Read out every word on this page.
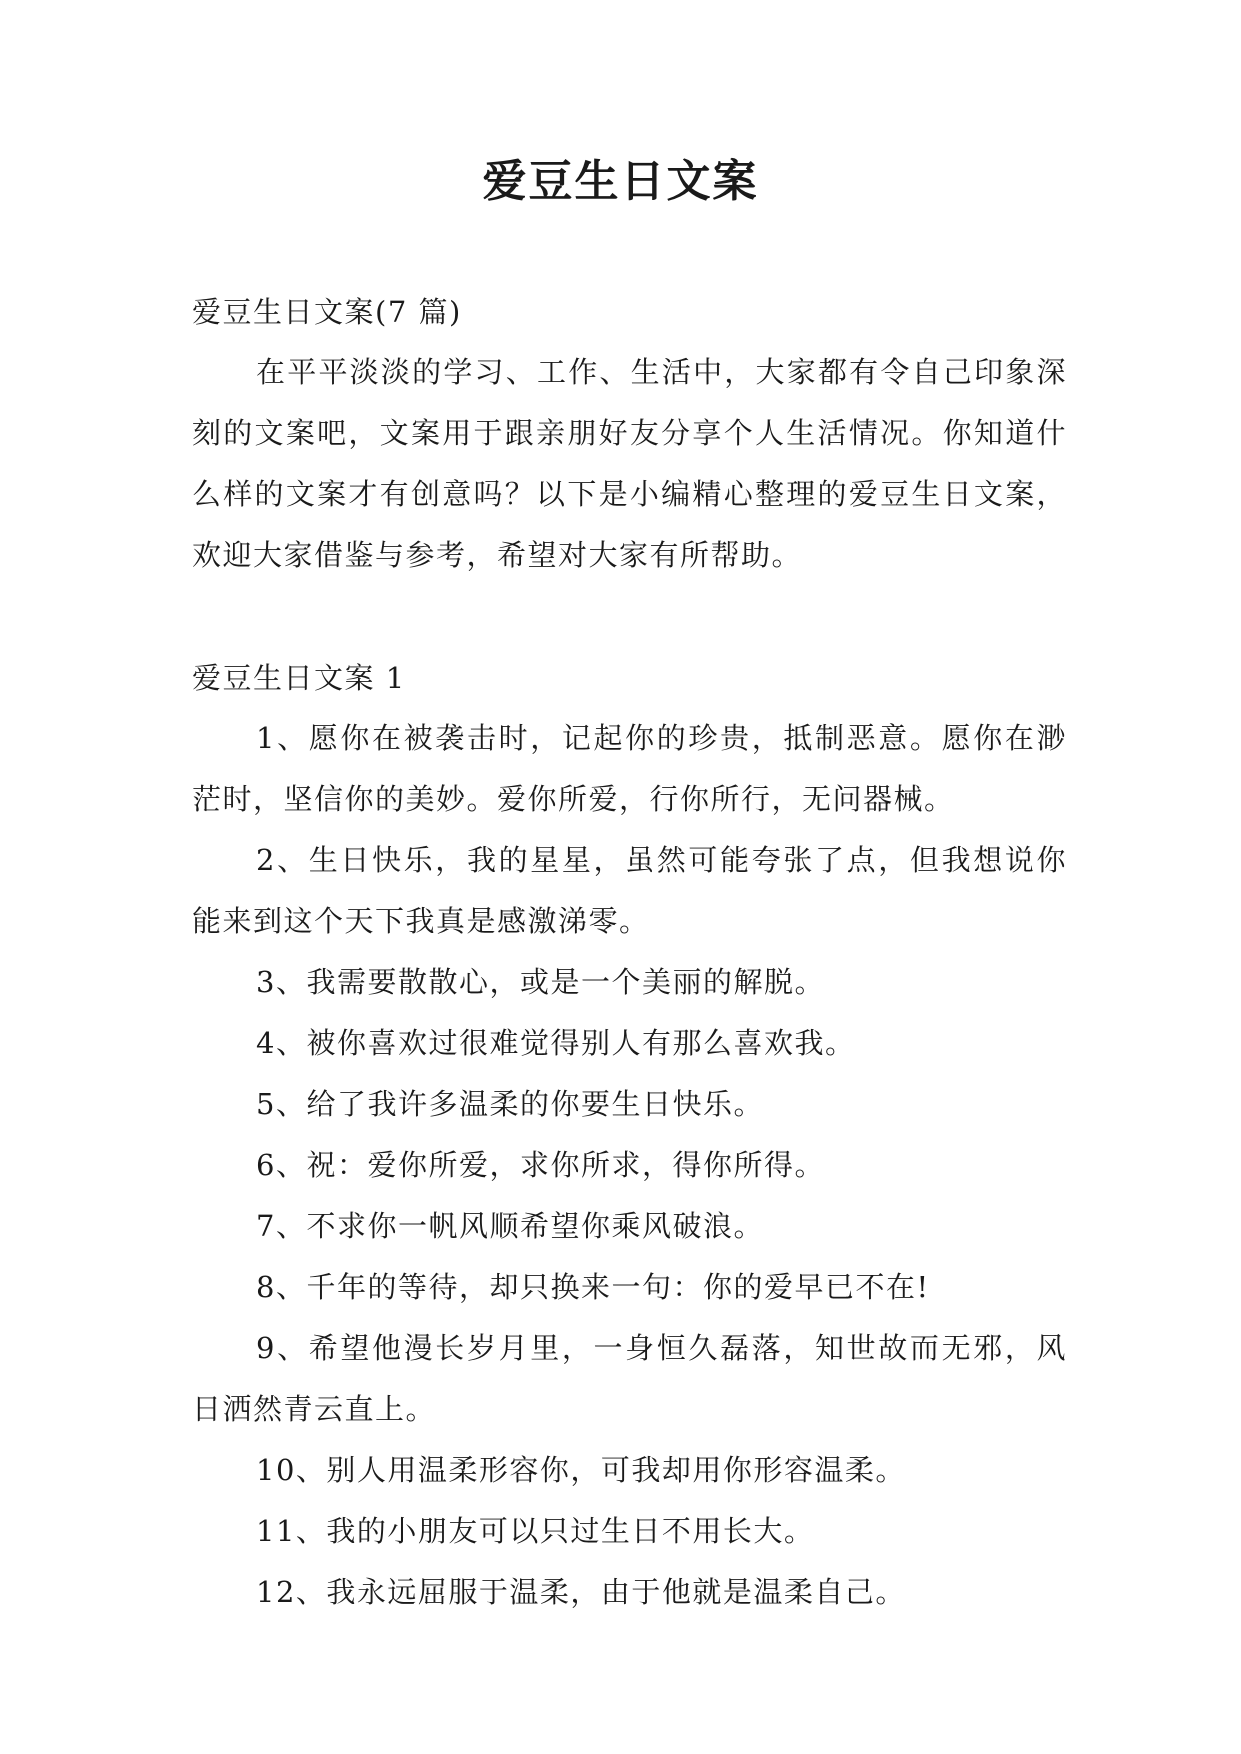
爱豆生日文案

爱豆生日文案(7 篇)

在平平淡淡的学习、工作、生活中，大家都有令自己印象深刻的文案吧，文案用于跟亲朋好友分享个人生活情况。你知道什么样的文案才有创意吗？以下是小编精心整理的爱豆生日文案，欢迎大家借鉴与参考，希望对大家有所帮助。

爱豆生日文案 1

1、愿你在被袭击时，记起你的珍贵，抵制恶意。愿你在渺茫时，坚信你的美妙。爱你所爱，行你所行，无问器械。

2、生日快乐，我的星星，虽然可能夸张了点，但我想说你能来到这个天下我真是感激涕零。

3、我需要散散心，或是一个美丽的解脱。

4、被你喜欢过很难觉得别人有那么喜欢我。

5、给了我许多温柔的你要生日快乐。

6、祝：爱你所爱，求你所求，得你所得。

7、不求你一帆风顺希望你乘风破浪。

8、千年的等待，却只换来一句：你的爱早已不在!

9、希望他漫长岁月里，一身恒久磊落，知世故而无邪，风日洒然青云直上。

10、别人用温柔形容你，可我却用你形容温柔。

11、我的小朋友可以只过生日不用长大。

12、我永远屈服于温柔，由于他就是温柔自己。
